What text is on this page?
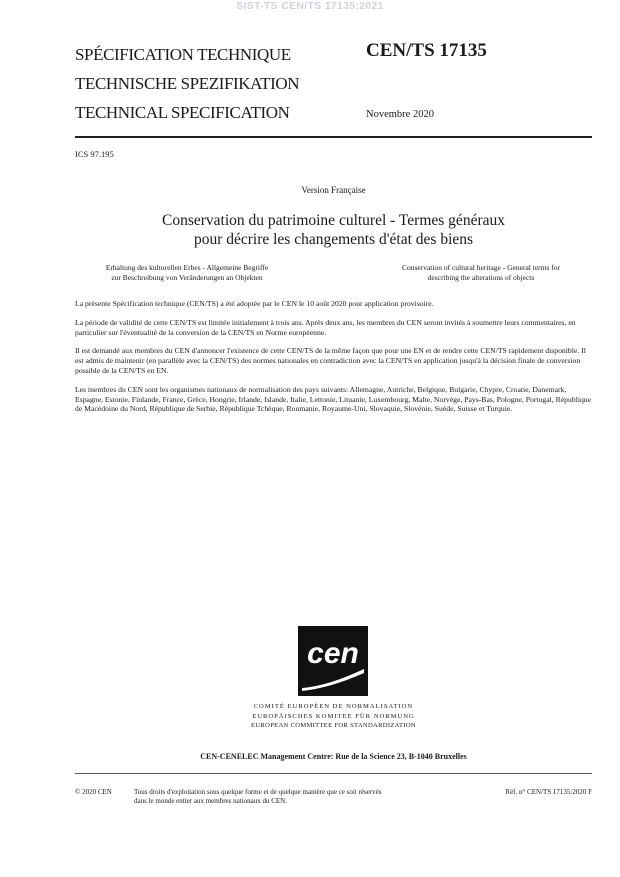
SIST-TS CEN/TS 17135:2021
SPÉCIFICATION TECHNIQUE
TECHNISCHE SPEZIFIKATION
TECHNICAL SPECIFICATION
CEN/TS 17135
Novembre 2020
ICS 97.195
Version Française
Conservation du patrimoine culturel - Termes généraux
pour décrire les changements d'état des biens
Erhaltung des kulturellen Erbes - Allgemeine Begriffe
zur Beschreibung von Veränderungen an Objekten
Conservation of cultural heritage - General terms for
describing the alterations of objects

La présente Spécification technique (CEN/TS) a été adoptée par le CEN le 10 août 2020 pour application provisoire.

La période de validité de cette CEN/TS est limitée initialement à trois ans. Après deux ans, les membres du CEN seront invités à soumettre leurs commentaires, en particulier sur l'éventualité de la conversion de la CEN/TS en Norme européenne.

Il est demandé aux membres du CEN d'annoncer l'existence de cette CEN/TS de la même façon que pour une EN et de rendre cette CEN/TS rapidement disponible. Il est admis de maintenir (en parallèle avec la CEN/TS) des normes nationales en contradiction avec la CEN/TS en application jusqu'à la décision finale de conversion possible de la CEN/TS en EN.

Les membres du CEN sont les organismes nationaux de normalisation des pays suivants: Allemagne, Autriche, Belgique, Bulgarie, Chypre, Croatie, Danemark, Espagne, Estonie, Finlande, France, Grèce, Hongrie, Irlande, Islande, Italie, Lettonie, Lituanie, Luxembourg, Malte, Norvège, Pays-Bas, Pologne, Portugal, République de Macédoine du Nord, République de Serbie, République Tchèque, Roumanie, Royaume-Uni, Slovaquie, Slovénie, Suède, Suisse et Turquie.

cen
COMITÉ EUROPÉEN DE NORMALISATION
EUROPÄISCHES KOMITEE FÜR NORMUNG
EUROPEAN COMMITTEE FOR STANDARDIZATION
CEN-CENELEC Management Centre: Rue de la Science 23, B-1040 Bruxelles
© 2020 CEN	Tous droits d'exploitation sous quelque forme et de quelque manière que ce soit réservés dans le monde entier aux membres nationaux du CEN.
Réf. n° CEN/TS 17135:2020 F
